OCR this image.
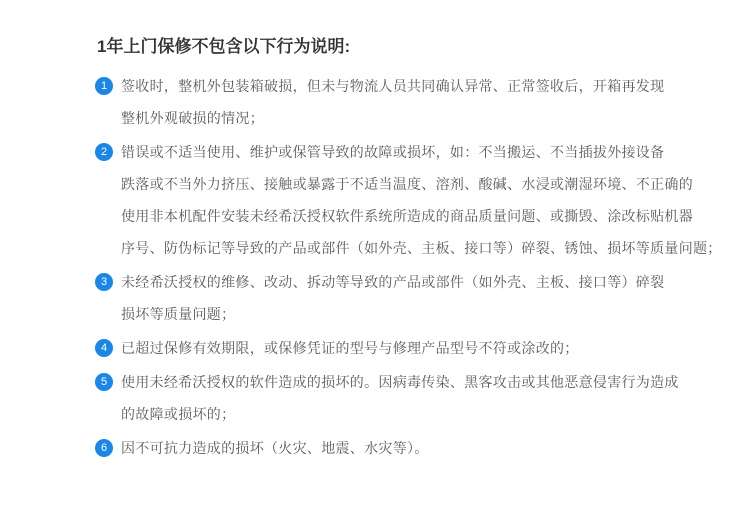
1年上门保修不包含以下行为说明:
1 签收时，整机外包装箱破损，但未与物流人员共同确认异常、正常签收后，开箱再发现
整机外观破损的情况；
2 错误或不适当使用、维护或保管导致的故障或损坏，如：不当搬运、不当插拔外接设备
跌落或不当外力挤压、接触或暴露于不适当温度、溶剂、酸碱、水浸或潮湿环境、不正确的
使用非本机配件安装未经希沃授权软件系统所造成的商品质量问题、或撕毁、涂改标贴机器
序号、防伪标记等导致的产品或部件（如外壳、主板、接口等）碎裂、锈蚀、损坏等质量问题；
3 未经希沃授权的维修、改动、拆动等导致的产品或部件（如外壳、主板、接口等）碎裂
损坏等质量问题；
4 已超过保修有效期限，或保修凭证的型号与修理产品型号不符或涂改的；
5 使用未经希沃授权的软件造成的损坏的。因病毒传染、黑客攻击或其他恶意侵害行为造成
的故障或损坏的；
6 因不可抗力造成的损坏（火灾、地震、水灾等）。
